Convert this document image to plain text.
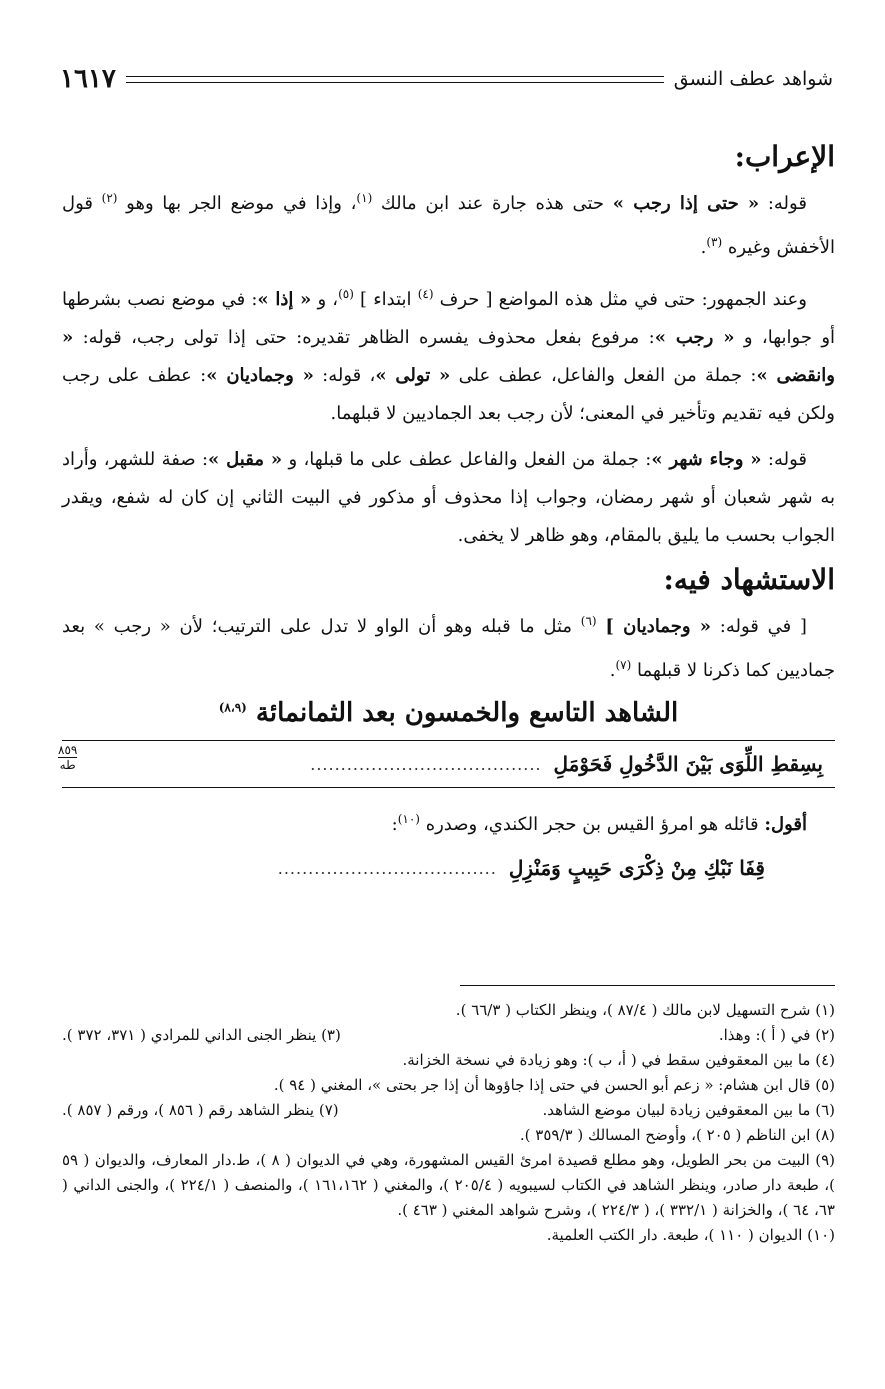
شواهد عطف النسق
١٦١٧
الإعراب:

قوله: « حتى إذا رجب » حتى هذه جارة عند ابن مالك $^{(١)}$، وإذا في موضع الجر بها وهو $^{(٢)}$ قول الأخفش وغيره $^{(٣)}$.

وعند الجمهور: حتى في مثل هذه المواضع [ حرف $^{(٤)}$ ابتداء ] $^{(٥)}$، و « إذا »: في موضع نصب بشرطها أو جوابها، و « رجب »: مرفوع بفعل محذوف يفسره الظاهر تقديره: حتى إذا تولى رجب، قوله: « وانقضى »: جملة من الفعل والفاعل، عطف على « تولى »، قوله: « وجماديان »: عطف على رجب ولكن فيه تقديم وتأخير في المعنى؛ لأن رجب بعد الجماديين لا قبلهما.

قوله: « وجاء شهر »: جملة من الفعل والفاعل عطف على ما قبلها، و « مقبل »: صفة للشهر، وأراد به شهر شعبان أو شهر رمضان، وجواب إذا محذوف أو مذكور في البيت الثاني إن كان له شفع، ويقدر الجواب بحسب ما يليق بالمقام، وهو ظاهر لا يخفى.

الاستشهاد فيه:

[ في قوله: « وجماديان ] $^{(٦)}$ مثل ما قبله وهو أن الواو لا تدل على الترتيب؛ لأن « رجب » بعد جماديين كما ذكرنا لا قبلهما $^{(٧)}$.

الشاهد التاسع والخمسون بعد الثمانمائة $^{(٨،٩)}$
بِسِقطِ اللِّوَى بَيْنَ الدَّخُولِ فَحَوْمَلِ
......................................
٨٥٩
طه

أقول: قائله هو امرؤ القيس بن حجر الكندي، وصدره $^{(١٠)}$:

قِفَا نَبْكِ مِنْ ذِكْرَى حَبِيبٍ وَمَنْزِلِ
....................................

(١) شرح التسهيل لابن مالك ( ٨٧/٤ )، وينظر الكتاب ( ٦٦/٣ ).

(٢) في ( أ ): وهذا.
(٣) ينظر الجنى الداني للمرادي ( ٣٧١، ٣٧٢ ).

(٤) ما بين المعقوفين سقط في ( أ، ب ): وهو زيادة في نسخة الخزانة.

(٥) قال ابن هشام: « زعم أبو الحسن في حتى إذا جاؤوها أن إذا جر بحتى »، المغني ( ٩٤ ).

(٦) ما بين المعقوفين زيادة لبيان موضع الشاهد.
(٧) ينظر الشاهد رقم ( ٨٥٦ )، ورقم ( ٨٥٧ ).

(٨) ابن الناظم ( ٢٠٥ )، وأوضح المسالك ( ٣٥٩/٣ ).

(٩) البيت من بحر الطويل، وهو مطلع قصيدة امرئ القيس المشهورة، وهي في الديوان ( ٨ )، ط.دار المعارف، والديوان ( ٥٩ )، طبعة دار صادر، وينظر الشاهد في الكتاب لسيبويه ( ٢٠٥/٤ )، والمغني ( ١٦١،١٦٢ )، والمنصف ( ٢٢٤/١ )، والجنى الداني ( ٦٣، ٦٤ )، والخزانة ( ٣٣٢/١ )، ( ٢٢٤/٣ )، وشرح شواهد المغني ( ٤٦٣ ).

(١٠) الديوان ( ١١٠ )، طبعة. دار الكتب العلمية.
